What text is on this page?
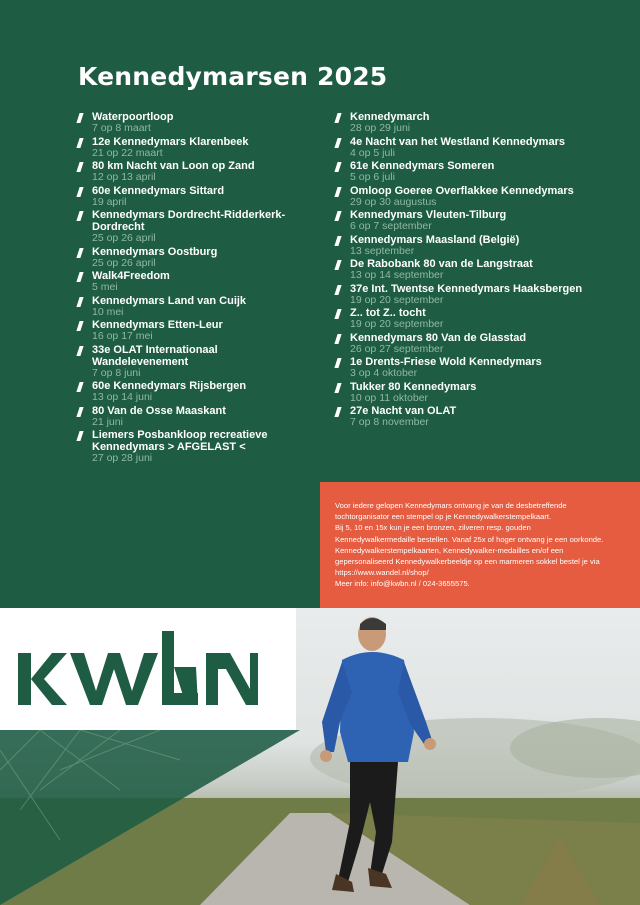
Kennedymarsen 2025
Waterpoortloop
7 op 8 maart
12e Kennedymars Klarenbeek
21 op 22 maart
80 km Nacht van Loon op Zand
12 op 13 april
60e Kennedymars Sittard
19 april
Kennedymars Dordrecht-Ridderkerk-Dordrecht
25 op 26 april
Kennedymars Oostburg
25 op 26 april
Walk4Freedom
5 mei
Kennedymars Land van Cuijk
10 mei
Kennedymars Etten-Leur
16 op 17 mei
33e OLAT Internationaal Wandelevenement
7 op 8 juni
60e Kennedymars Rijsbergen
13 op 14 juni
80 Van de Osse Maaskant
21 juni
Liemers Posbankloop recreatieve Kennedymars > AFGELAST <
27 op 28 juni
Kennedymarch
28 op 29 juni
4e Nacht van het Westland Kennedymars
4 op 5 juli
61e Kennedymars Someren
5 op 6 juli
Omloop Goeree Overflakkee Kennedymars
29 op 30 augustus
Kennedymars Vleuten-Tilburg
6 op 7 september
Kennedymars Maasland (België)
13 september
De Rabobank 80 van de Langstraat
13 op 14 september
37e Int. Twentse Kennedymars Haaksbergen
19 op 20 september
Z.. tot Z.. tocht
19 op 20 september
Kennedymars 80 Van de Glasstad
26 op 27 september
1e Drents-Friese Wold Kennedymars
3 op 4 oktober
Tukker 80 Kennedymars
10 op 11 oktober
27e Nacht van OLAT
7 op 8 november
Voor iedere gelopen Kennedymars ontvang je van de desbetreffende
tochtorganisator een stempel op je Kennedywalkerstempelkaart.
Bij 5, 10 en 15x kun je een bronzen, zilveren resp. gouden
Kennedywalkermedaille bestellen. Vanaf 25x of hoger ontvang je een oorkonde.
Kennedywalkerstempelkaarten, Kennedywalker-medailles en/of een
gepersonaliseerd Kennedywalkerbeeldje op een marmeren sokkel bestel je via
https://www.wandel.nl/shop/
Meer info: info@kwbn.nl / 024-3655575.
